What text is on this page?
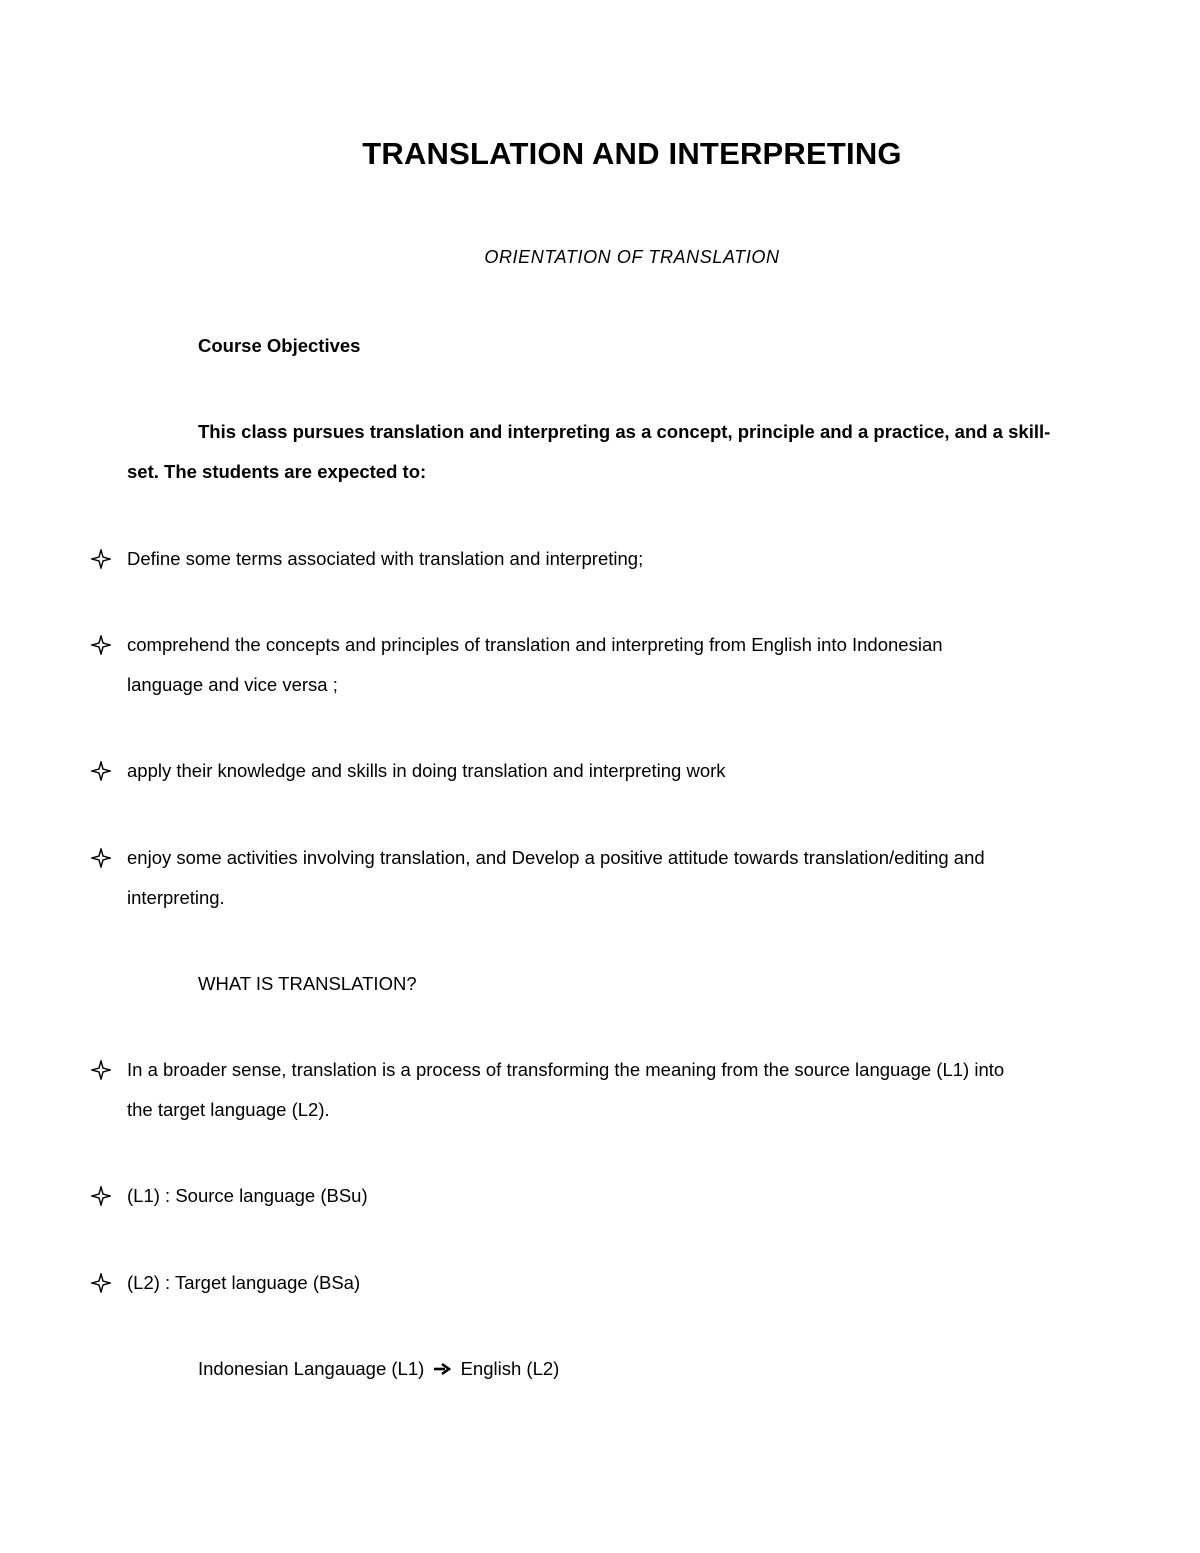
TRANSLATION AND INTERPRETING
ORIENTATION OF TRANSLATION
Course Objectives
This class pursues translation and interpreting as a concept, principle and a practice, and a skill-
set. The students are expected to:
Define some terms associated with translation and interpreting;
comprehend the concepts and principles of translation and interpreting from English into Indonesian
language and vice versa ;
apply their knowledge and skills in doing translation and interpreting work
enjoy some activities involving translation, and Develop a positive attitude towards translation/editing and
interpreting.
WHAT IS TRANSLATION?
In a broader sense, translation is a process of transforming the meaning from the source language (L1) into
the target language (L2).
(L1) : Source language (BSu)
(L2) : Target language (BSa)
Indonesian Langauage (L1) English (L2)
